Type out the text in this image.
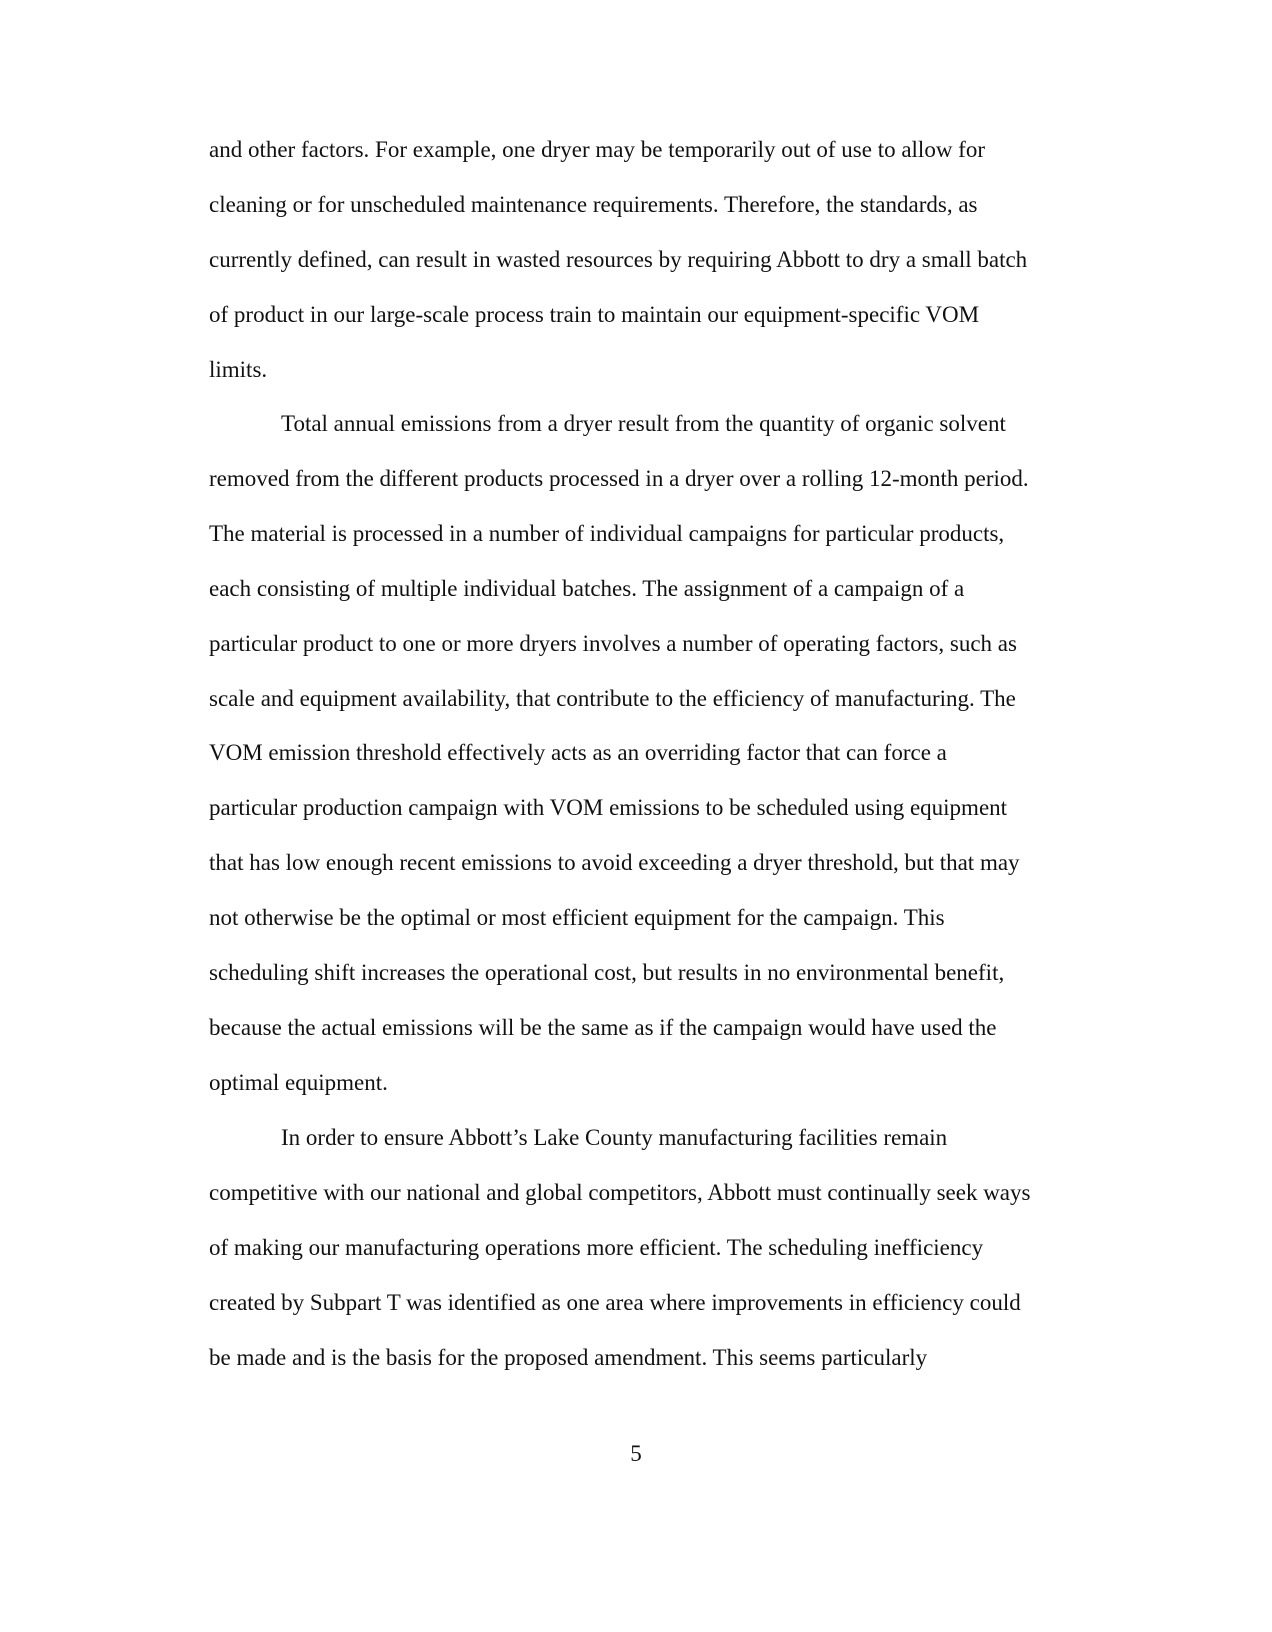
and other factors. For example, one dryer may be temporarily out of use to allow for
cleaning or for unscheduled maintenance requirements. Therefore, the standards, as
currently defined, can result in wasted resources by requiring Abbott to dry a small batch
of product in our large-scale process train to maintain our equipment-specific VOM
limits.
Total annual emissions from a dryer result from the quantity of organic solvent
removed from the different products processed in a dryer over a rolling 12-month period.
The material is processed in a number of individual campaigns for particular products,
each consisting of multiple individual batches. The assignment of a campaign of a
particular product to one or more dryers involves a number of operating factors, such as
scale and equipment availability, that contribute to the efficiency of manufacturing. The
VOM emission threshold effectively acts as an overriding factor that can force a
particular production campaign with VOM emissions to be scheduled using equipment
that has low enough recent emissions to avoid exceeding a dryer threshold, but that may
not otherwise be the optimal or most efficient equipment for the campaign. This
scheduling shift increases the operational cost, but results in no environmental benefit,
because the actual emissions will be the same as if the campaign would have used the
optimal equipment.
In order to ensure Abbott’s Lake County manufacturing facilities remain
competitive with our national and global competitors, Abbott must continually seek ways
of making our manufacturing operations more efficient. The scheduling inefficiency
created by Subpart T was identified as one area where improvements in efficiency could
be made and is the basis for the proposed amendment. This seems particularly
5
